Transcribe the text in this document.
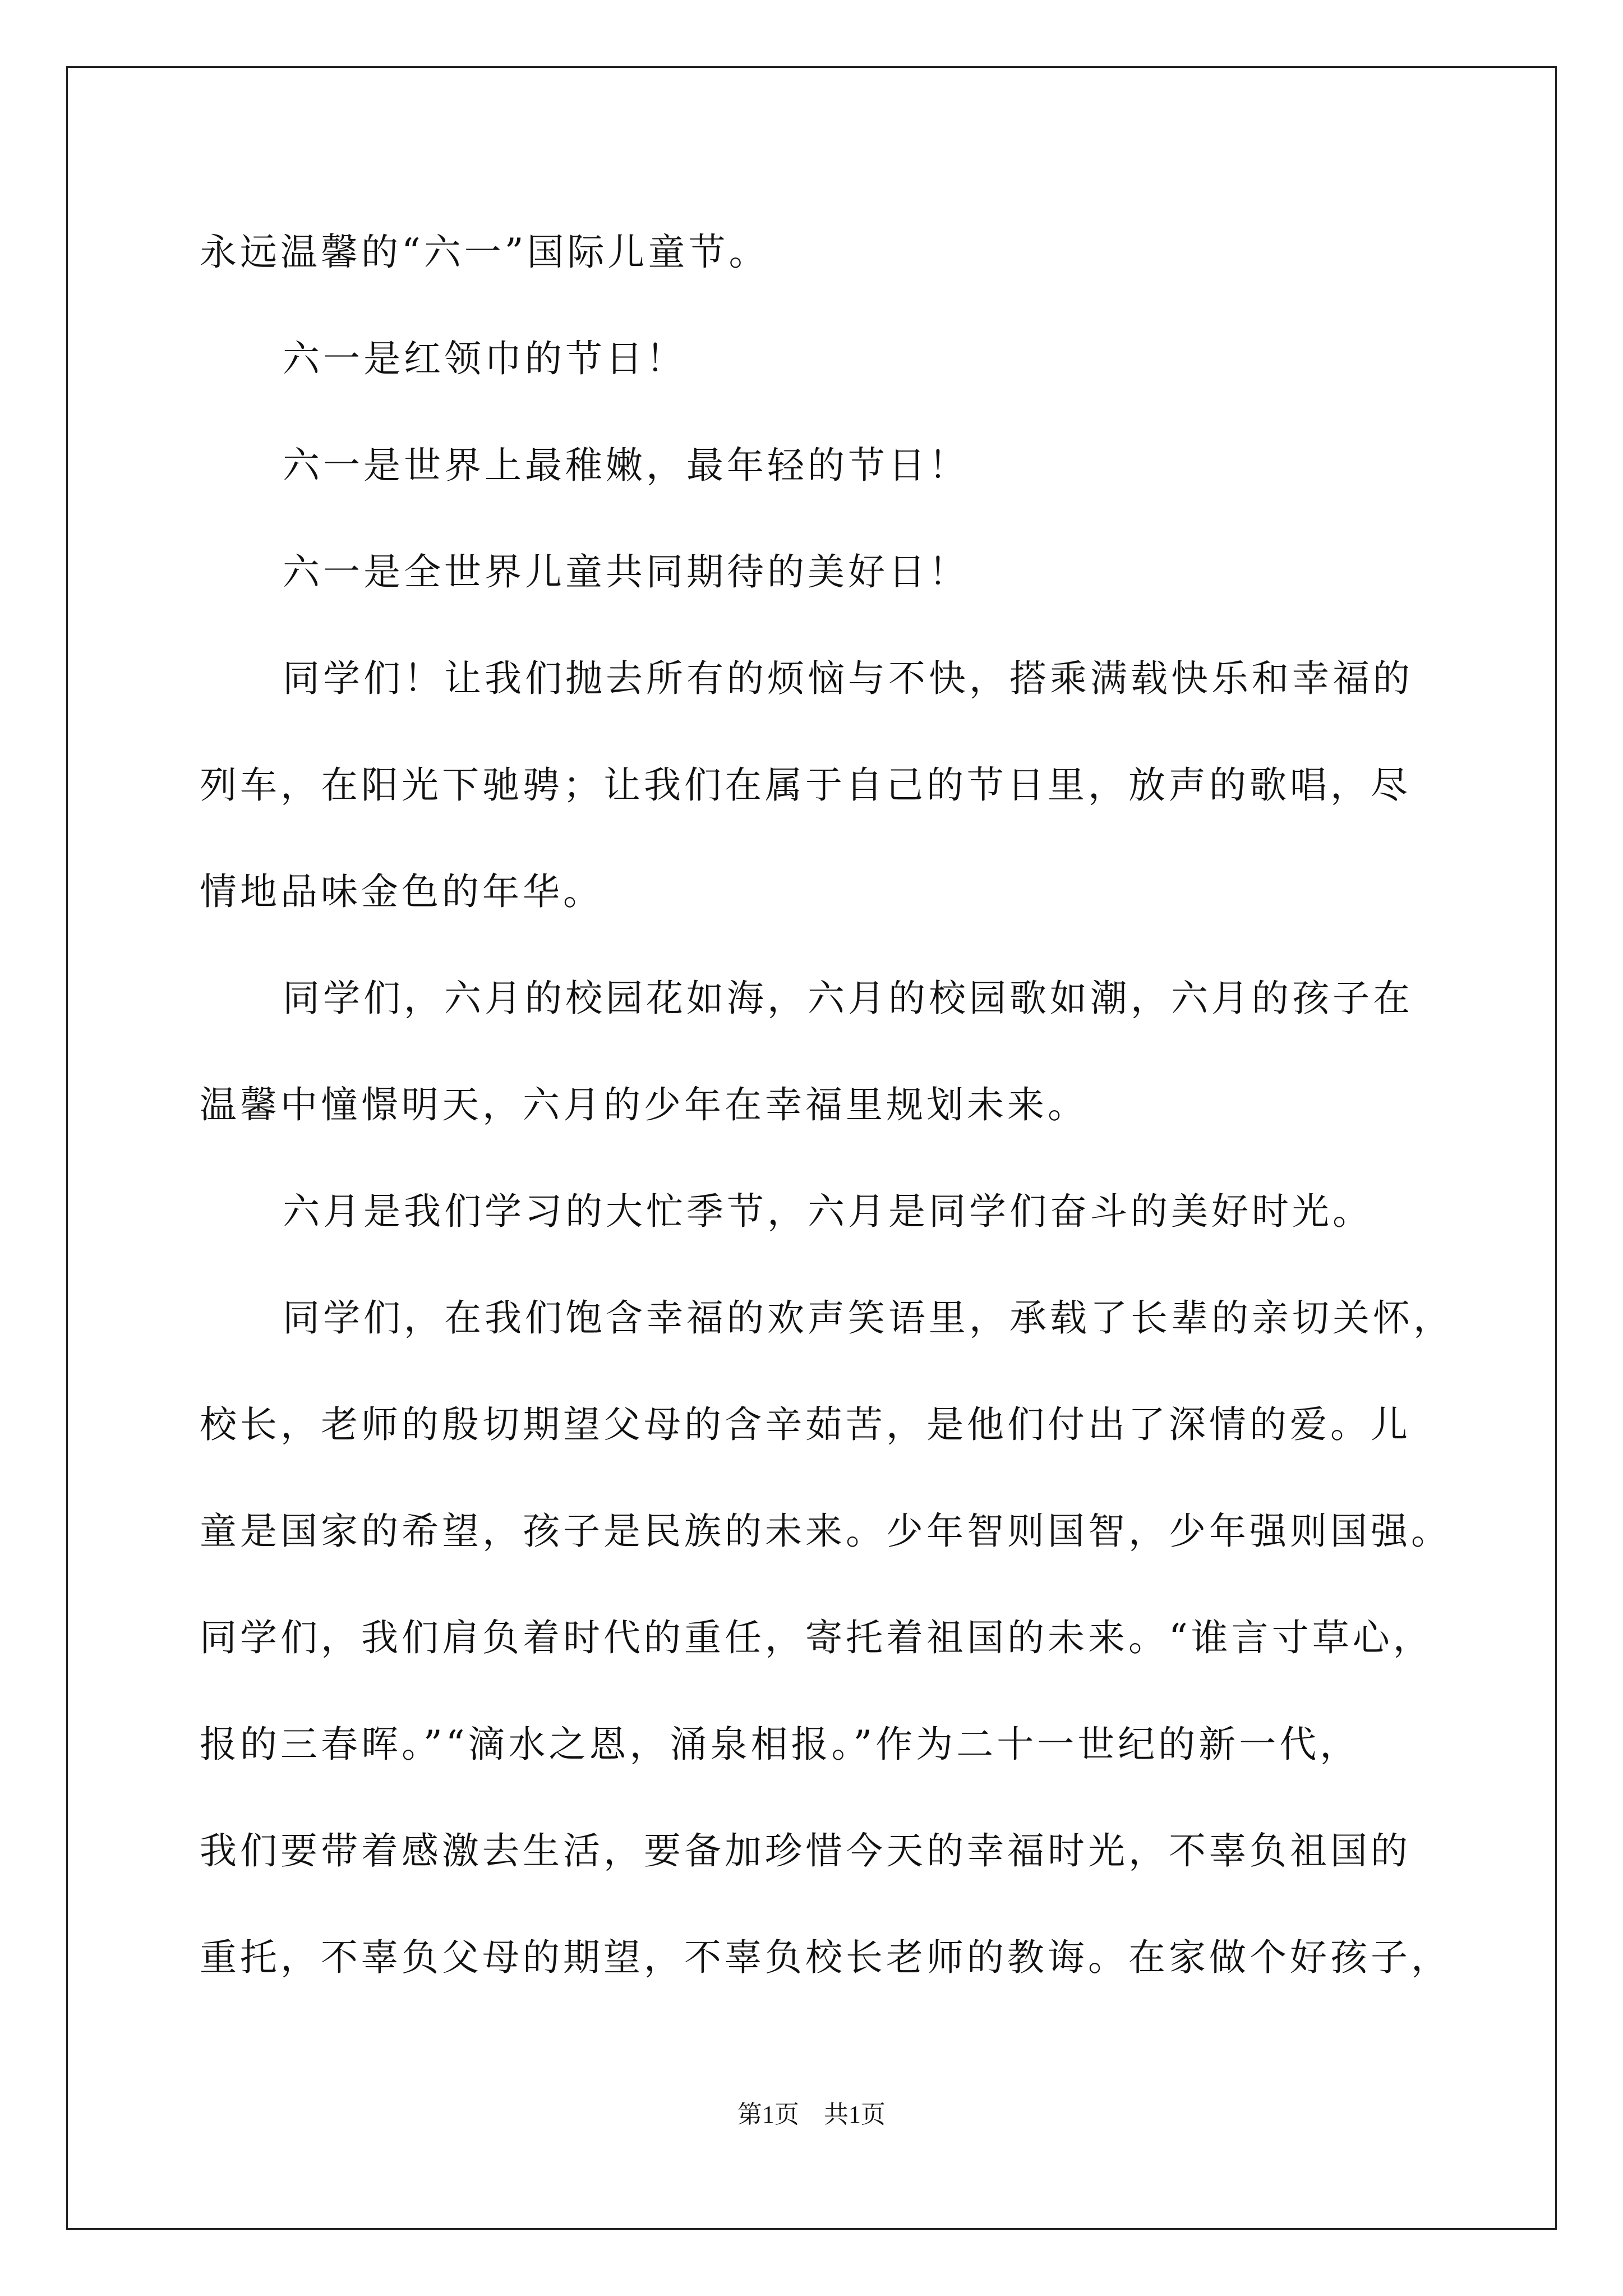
永远温馨的“六一”国际儿童节。
六一是红领巾的节日！
六一是世界上最稚嫩，最年轻的节日！
六一是全世界儿童共同期待的美好日！
同学们！让我们抛去所有的烦恼与不快，搭乘满载快乐和幸福的
列车，在阳光下驰骋；让我们在属于自己的节日里，放声的歌唱，尽
情地品味金色的年华。
同学们，六月的校园花如海，六月的校园歌如潮，六月的孩子在
温馨中憧憬明天，六月的少年在幸福里规划未来。
六月是我们学习的大忙季节，六月是同学们奋斗的美好时光。
同学们，在我们饱含幸福的欢声笑语里，承载了长辈的亲切关怀，
校长，老师的殷切期望父母的含辛茹苦，是他们付出了深情的爱。儿
童是国家的希望，孩子是民族的未来。少年智则国智，少年强则国强。
同学们，我们肩负着时代的重任，寄托着祖国的未来。“谁言寸草心，
报的三春晖。”“滴水之恩，涌泉相报。”作为二十一世纪的新一代，
我们要带着感激去生活，要备加珍惜今天的幸福时光，不辜负祖国的
重托，不辜负父母的期望，不辜负校长老师的教诲。在家做个好孩子，
第1页　共1页
